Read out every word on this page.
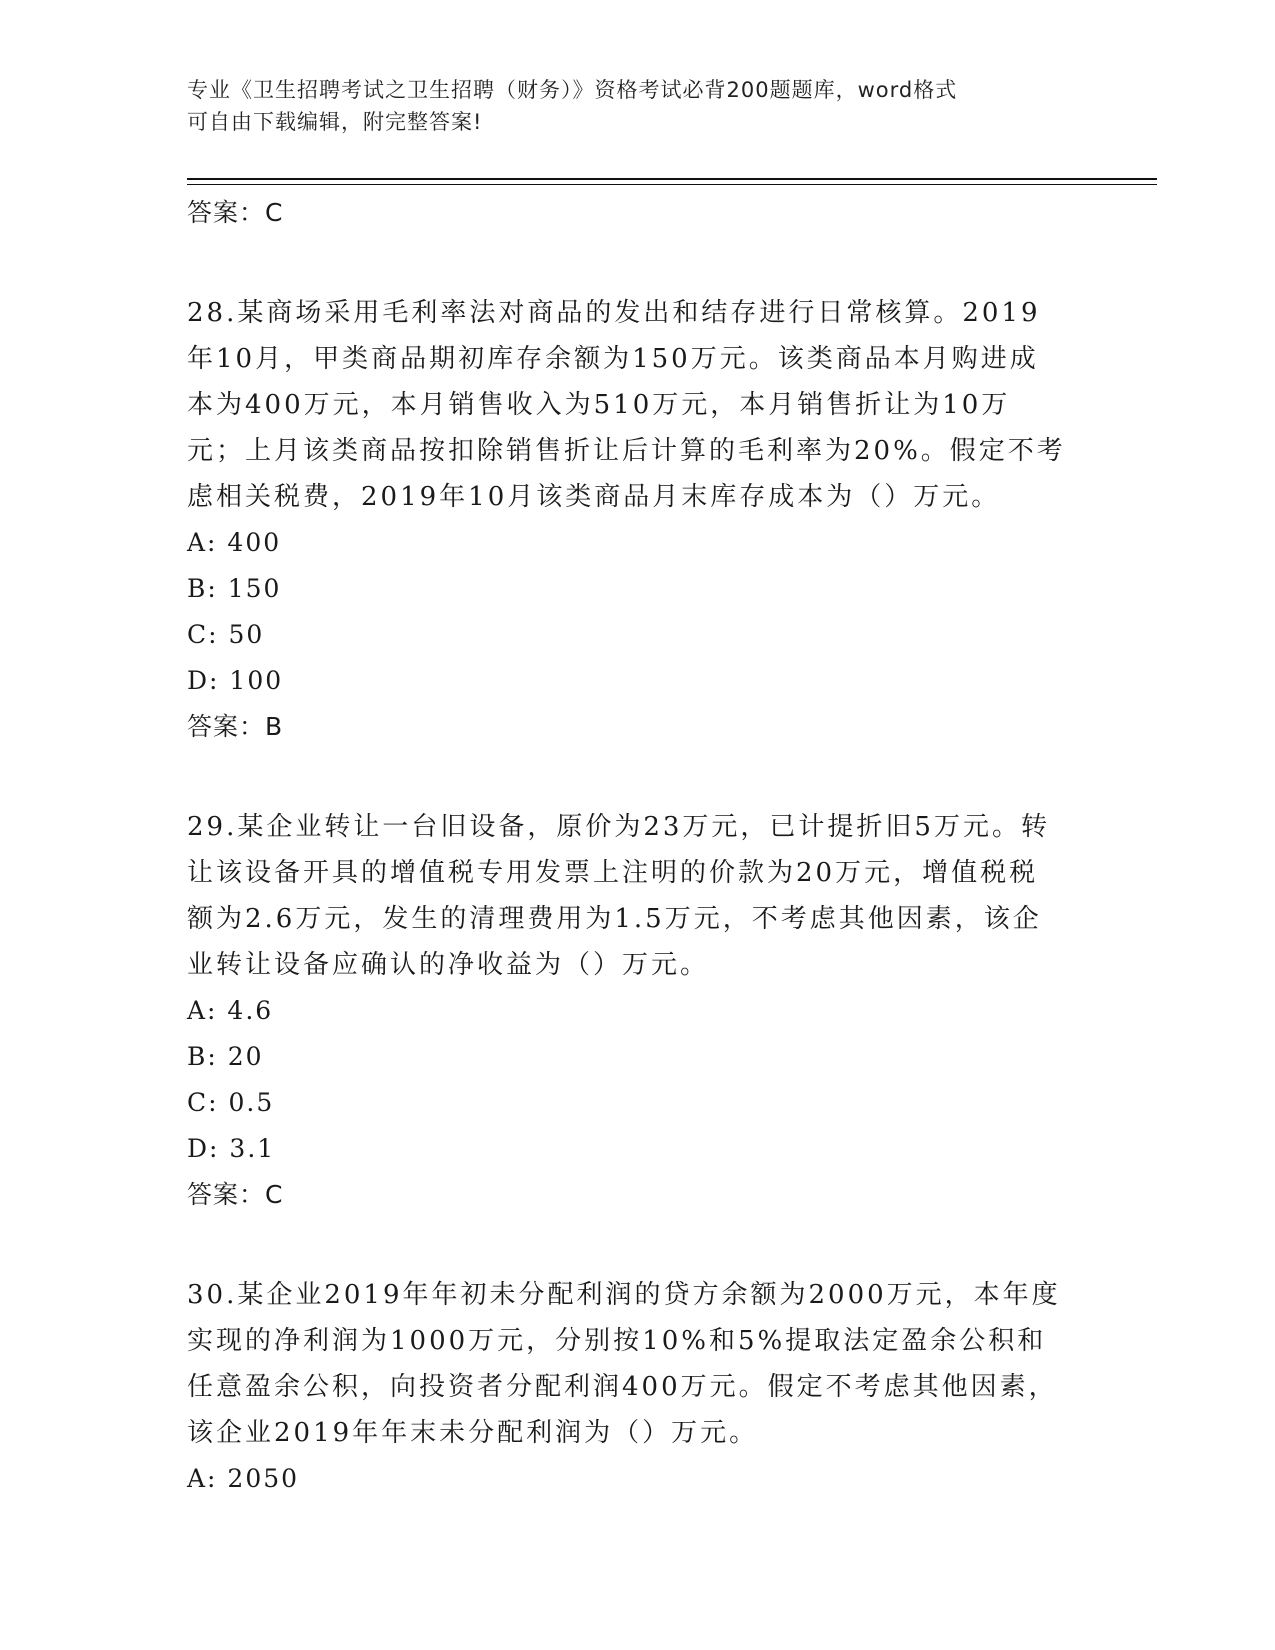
专业《卫生招聘考试之卫生招聘（财务）》资格考试必背200题题库，word格式
可自由下载编辑，附完整答案!

答案：C

28.某商场采用毛利率法对商品的发出和结存进行日常核算。2019年10月，甲类商品期初库存余额为150万元。该类商品本月购进成本为400万元，本月销售收入为510万元，本月销售折让为10万元；上月该类商品按扣除销售折让后计算的毛利率为20%。假定不考虑相关税费，2019年10月该类商品月末库存成本为（）万元。

A: 400
B: 150
C: 50
D: 100

答案：B

29.某企业转让一台旧设备，原价为23万元，已计提折旧5万元。转让该设备开具的增值税专用发票上注明的价款为20万元，增值税税额为2.6万元，发生的清理费用为1.5万元，不考虑其他因素，该企业转让设备应确认的净收益为（）万元。

A: 4.6
B: 20
C: 0.5
D: 3.1

答案：C

30.某企业2019年年初未分配利润的贷方余额为2000万元，本年度实现的净利润为1000万元，分别按10%和5%提取法定盈余公积和任意盈余公积，向投资者分配利润400万元。假定不考虑其他因素，该企业2019年年末未分配利润为（）万元。

A: 2050
